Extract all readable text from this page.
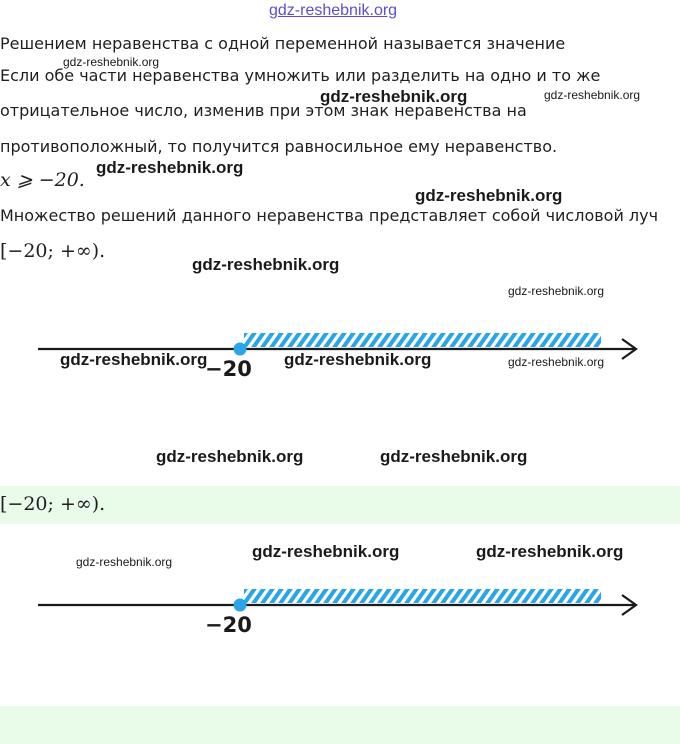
gdz-reshebnik.org
Решением неравенства с одной переменной называется значение
Если обе части неравенства умножить или разделить на одно и то же
отрицательное число, изменив при этом знак неравенства на
противоположный, то получится равносильное ему неравенство.
x ⩾ −20.
Множество решений данного неравенства представляет собой числовой луч
[−20; +∞).
−20
[−20; +∞).
−20
gdz-reshebnik.org
gdz-reshebnik.org	gdz-reshebnik.org
gdz-reshebnik.org
gdz-reshebnik.org
gdz-reshebnik.org
gdz-reshebnik.org
gdz-reshebnik.org	gdz-reshebnik.org	gdz-reshebnik.org
gdz-reshebnik.org	gdz-reshebnik.org
gdz-reshebnik.org	gdz-reshebnik.org
gdz-reshebnik.org
